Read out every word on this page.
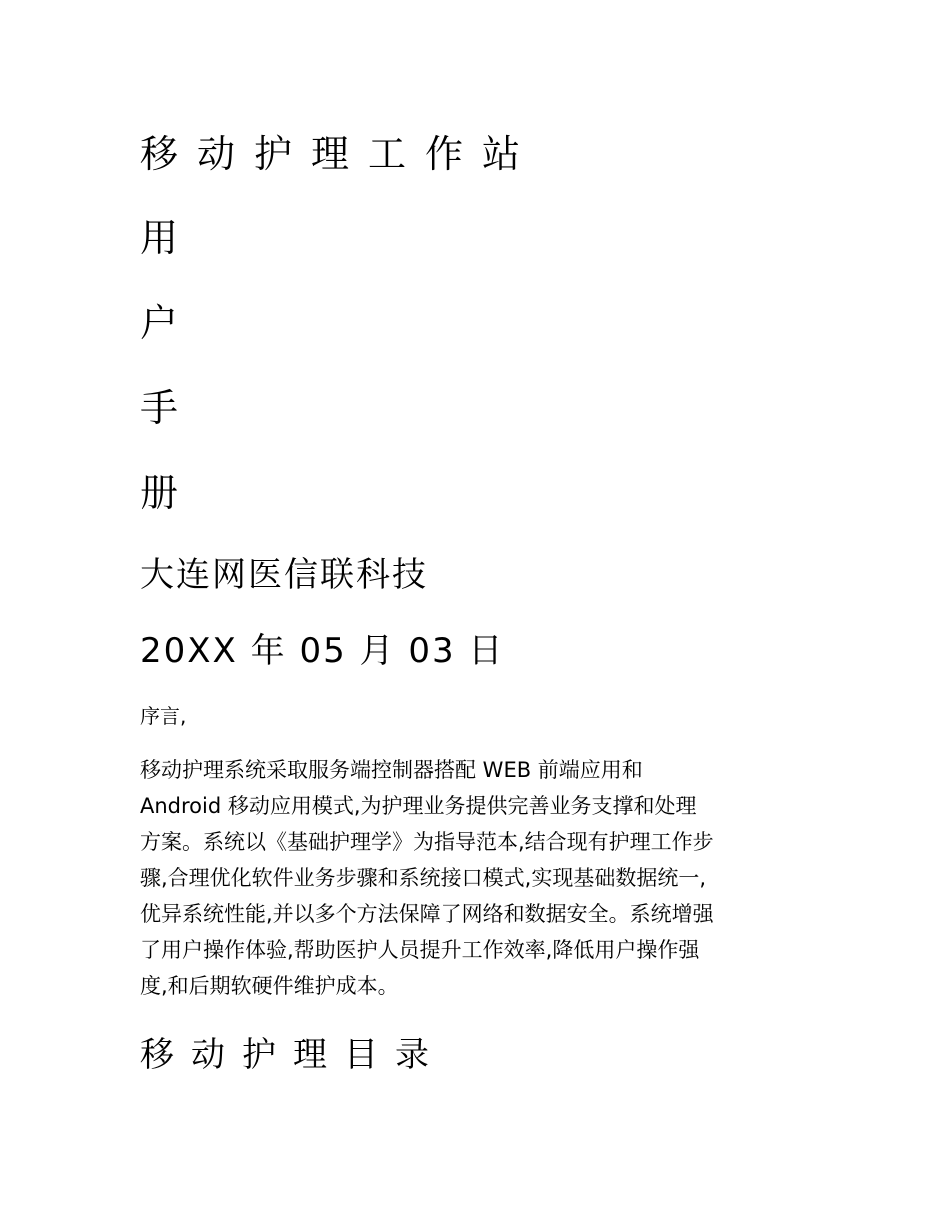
移动护理工作站
用
户
手
册
大连网医信联科技
20XX 年 05 月 03 日
序言,
移动护理系统采取服务端控制器搭配 WEB 前端应用和
Android 移动应用模式,为护理业务提供完善业务支撑和处理
方案。系统以《基础护理学》为指导范本,结合现有护理工作步
骤,合理优化软件业务步骤和系统接口模式,实现基础数据统一,
优异系统性能,并以多个方法保障了网络和数据安全。系统增强
了用户操作体验,帮助医护人员提升工作效率,降低用户操作强
度,和后期软硬件维护成本。
移动护理目录
